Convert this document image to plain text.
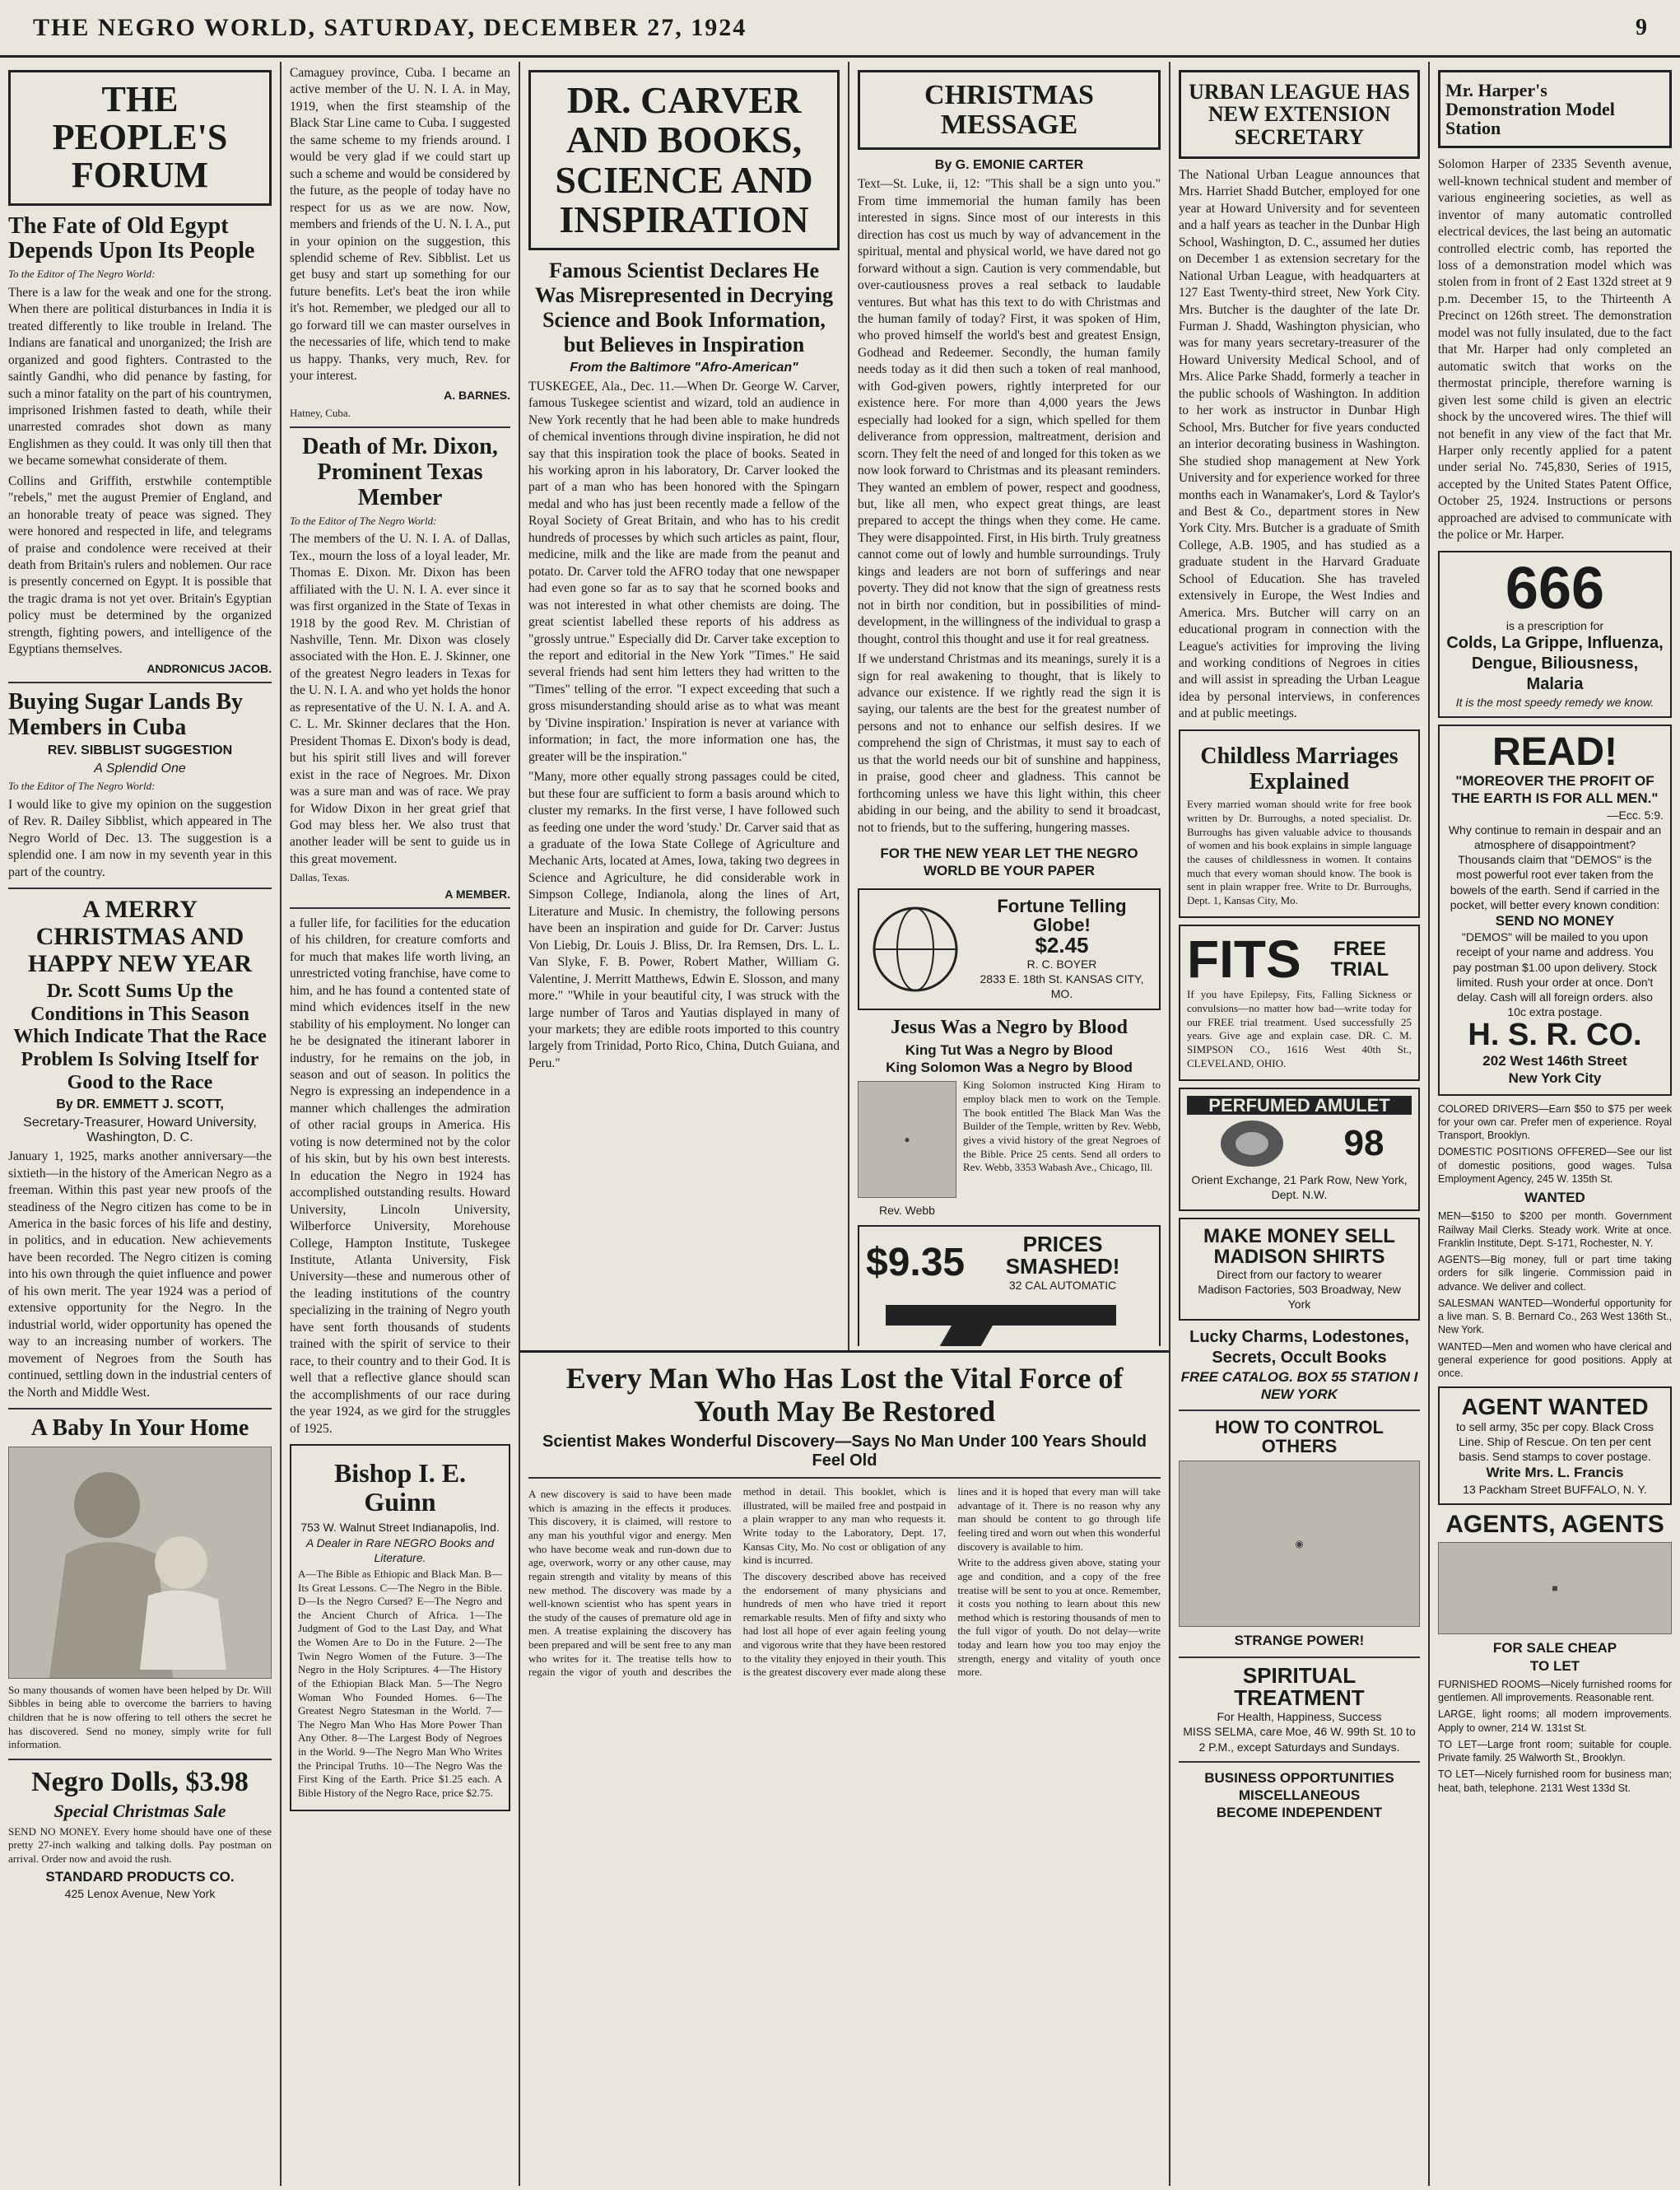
THE NEGRO WORLD, SATURDAY, DECEMBER 27, 1924	9
THE PEOPLE'S FORUM
The Fate of Old Egypt Depends Upon Its People
To the Editor of The Negro World:
There is a law for the weak and one for the strong. When there are political disturbances in India it is treated differently to like trouble in Ireland. The Indians are fanatical and unorganized; the Irish are organized and good fighters. Contrasted to the saintly Gandhi, who did penance by fasting, for such a minor fatality on the part of his countrymen, imprisoned Irishmen fasted to death, while their unarrested comrades shot down as many Englishmen as they could. It was only till then that we became somewhat considerate of them.
Collins and Griffith, erstwhile contemptible "rebels," met the august Premier of England, and an honorable treaty of peace was signed. They were honored and respected in life, and telegrams of praise and condolence were received at their death from Britain's rulers and noblemen. Our race is presently concerned on Egypt. It is possible that the tragic drama is not yet over. Britain's Egyptian policy must be determined by the organized strength, fighting powers, and intelligence of the Egyptians themselves.
ANDRONICUS JACOB.
Buying Sugar Lands By Members in Cuba
REV. SIBBLIST SUGGESTION
A Splendid One
To the Editor of The Negro World:
I would like to give my opinion on the suggestion of Rev. R. Dailey Sibblist, which appeared in The Negro World of Dec. 13. The suggestion is a splendid one. I am now in my seventh year in this part of the country.
A MERRY CHRISTMAS AND HAPPY NEW YEAR
Dr. Scott Sums Up the Conditions in This Season Which Indicate That the Race Problem Is Solving Itself for Good to the Race
By DR. EMMETT J. SCOTT,
Secretary-Treasurer, Howard University, Washington, D. C.
January 1, 1925, marks another anniversary—the sixtieth—in the history of the American Negro as a freeman. Within this past year new proofs of the steadiness of the Negro citizen has come to be in America in the basic forces of his life and destiny, in politics, and in education. New achievements have been recorded. The Negro citizen is coming into his own through the quiet influence and power of his own merit. The year 1924 was a period of extensive opportunity for the Negro. In the industrial world, wider opportunity has opened the way to an increasing number of workers. The movement of Negroes from the South has continued, settling down in the industrial centers of the North and Middle West.
A Baby In Your Home
So many thousands of women have been helped by Dr. Will Sibbles in being able to overcome the barriers to having children that he is now offering to tell others the secret he has discovered. Send no money, simply write for full information.
Negro Dolls, $3.98
Special Christmas Sale
SEND NO MONEY. Every home should have one of these pretty 27-inch walking and talking dolls. Pay postman on arrival. Order now and avoid the rush.
STANDARD PRODUCTS CO.
425 Lenox Avenue, New York
Camaguey province, Cuba. I became an active member of the U. N. I. A. in May, 1919, when the first steamship of the Black Star Line came to Cuba. I suggested the same scheme to my friends around. I would be very glad if we could start up such a scheme and would be considered by the future, as the people of today have no respect for us as we are now. Now, members and friends of the U. N. I. A., put in your opinion on the suggestion, this splendid scheme of Rev. Sibblist. Let us get busy and start up something for our future benefits. Let's beat the iron while it's hot. Remember, we pledged our all to go forward till we can master ourselves in the necessaries of life, which tend to make us happy. Thanks, very much, Rev. for your interest.
A. BARNES.
Hatney, Cuba.
Death of Mr. Dixon, Prominent Texas Member
To the Editor of The Negro World:
The members of the U. N. I. A. of Dallas, Tex., mourn the loss of a loyal leader, Mr. Thomas E. Dixon. Mr. Dixon has been affiliated with the U. N. I. A. ever since it was first organized in the State of Texas in 1918 by the good Rev. M. Christian of Nashville, Tenn. Mr. Dixon was closely associated with the Hon. E. J. Skinner, one of the greatest Negro leaders in Texas for the U. N. I. A. and who yet holds the honor as representative of the U. N. I. A. and A. C. L. Mr. Skinner declares that the Hon. President Thomas E. Dixon's body is dead, but his spirit still lives and will forever exist in the race of Negroes. Mr. Dixon was a sure man and was of race. We pray for Widow Dixon in her great grief that God may bless her. We also trust that another leader will be sent to guide us in this great movement.
Dallas, Texas.
A MEMBER.
a fuller life, for facilities for the education of his children, for creature comforts and for much that makes life worth living, an unrestricted voting franchise, have come to him, and he has found a contented state of mind which evidences itself in the new stability of his employment. No longer can he be designated the itinerant laborer in industry, for he remains on the job, in season and out of season. In politics the Negro is expressing an independence in a manner which challenges the admiration of other racial groups in America. His voting is now determined not by the color of his skin, but by his own best interests. In education the Negro in 1924 has accomplished outstanding results. Howard University, Lincoln University, Wilberforce University, Morehouse College, Hampton Institute, Tuskegee Institute, Atlanta University, Fisk University—these and numerous other of the leading institutions of the country specializing in the training of Negro youth have sent forth thousands of students trained with the spirit of service to their race, to their country and to their God. It is well that a reflective glance should scan the accomplishments of our race during the year 1924, as we gird for the struggles of 1925.
Bishop I. E. Guinn
753 W. Walnut Street Indianapolis, Ind.
A Dealer in Rare NEGRO Books and Literature.
A—The Bible as Ethiopic and Black Man. B—Its Great Lessons. C—The Negro in the Bible. D—Is the Negro Cursed? E—The Negro and the Ancient Church of Africa. 1—The Judgment of God to the Last Day, and What the Women Are to Do in the Future. 2—The Twin Negro Women of the Future. 3—The Negro in the Holy Scriptures. 4—The History of the Ethiopian Black Man. 5—The Negro Woman Who Founded Homes. 6—The Greatest Negro Statesman in the World. 7—The Negro Man Who Has More Power Than Any Other. 8—The Largest Body of Negroes in the World. 9—The Negro Man Who Writes the Principal Truths. 10—The Negro Was the First King of the Earth. Price $1.25 each. A Bible History of the Negro Race, price $2.75.
DR. CARVER AND BOOKS, SCIENCE AND INSPIRATION
Famous Scientist Declares He Was Misrepresented in Decrying Science and Book Information, but Believes in Inspiration
From the Baltimore "Afro-American"
TUSKEGEE, Ala., Dec. 11.—When Dr. George W. Carver, famous Tuskegee scientist and wizard, told an audience in New York recently that he had been able to make hundreds of chemical inventions through divine inspiration, he did not say that this inspiration took the place of books. Seated in his working apron in his laboratory, Dr. Carver looked the part of a man who has been honored with the Spingarn medal and who has just been recently made a fellow of the Royal Society of Great Britain, and who has to his credit hundreds of processes by which such articles as paint, flour, medicine, milk and the like are made from the peanut and potato. Dr. Carver told the AFRO today that one newspaper had even gone so far as to say that he scorned books and was not interested in what other chemists are doing. The great scientist labelled these reports of his address as "grossly untrue." Especially did Dr. Carver take exception to the report and editorial in the New York "Times." He said several friends had sent him letters they had written to the "Times" telling of the error. "I expect exceeding that such a gross misunderstanding should arise as to what was meant by 'Divine inspiration.' Inspiration is never at variance with information; in fact, the more information one has, the greater will be the inspiration."
"Many, more other equally strong passages could be cited, but these four are sufficient to form a basis around which to cluster my remarks. In the first verse, I have followed such as feeding one under the word 'study.' Dr. Carver said that as a graduate of the Iowa State College of Agriculture and Mechanic Arts, located at Ames, Iowa, taking two degrees in Science and Agriculture, he did considerable work in Simpson College, Indianola, along the lines of Art, Literature and Music. In chemistry, the following persons have been an inspiration and guide for Dr. Carver: Justus Von Liebig, Dr. Louis J. Bliss, Dr. Ira Remsen, Drs. L. L. Van Slyke, F. B. Power, Robert Mather, William G. Valentine, J. Merritt Matthews, Edwin E. Slosson, and many more." "While in your beautiful city, I was struck with the large number of Taros and Yautias displayed in many of your markets; they are edible roots imported to this country largely from Trinidad, Porto Rico, China, Dutch Guiana, and Peru."
CHRISTMAS MESSAGE
By G. EMONIE CARTER
Text—St. Luke, ii, 12: "This shall be a sign unto you." From time immemorial the human family has been interested in signs. Since most of our interests in this direction has cost us much by way of advancement in the spiritual, mental and physical world, we have dared not go forward without a sign. Caution is very commendable, but over-cautiousness proves a real setback to laudable ventures. But what has this text to do with Christmas and the human family of today? First, it was spoken of Him, who proved himself the world's best and greatest Ensign, Godhead and Redeemer. Secondly, the human family needs today as it did then such a token of real manhood, with God-given powers, rightly interpreted for our existence here. For more than 4,000 years the Jews especially had looked for a sign, which spelled for them deliverance from oppression, maltreatment, derision and scorn. They felt the need of and longed for this token as we now look forward to Christmas and its pleasant reminders. They wanted an emblem of power, respect and goodness, but, like all men, who expect great things, are least prepared to accept the things when they come. He came. They were disappointed. First, in His birth. Truly greatness cannot come out of lowly and humble surroundings. Truly kings and leaders are not born of sufferings and near poverty. They did not know that the sign of greatness rests not in birth nor condition, but in possibilities of mind-development, in the willingness of the individual to grasp a thought, control this thought and use it for real greatness.
If we understand Christmas and its meanings, surely it is a sign for real awakening to thought, that is likely to advance our existence. If we rightly read the sign it is saying, our talents are the best for the greatest number of persons and not to enhance our selfish desires. If we comprehend the sign of Christmas, it must say to each of us that the world needs our bit of sunshine and happiness, in praise, good cheer and gladness. This cannot be forthcoming unless we have this light within, this cheer abiding in our being, and the ability to send it broadcast, not to friends, but to the suffering, hungering masses.
FOR THE NEW YEAR LET THE NEGRO WORLD BE YOUR PAPER
Fortune Telling Globe!
$2.45
R. C. BOYER
2833 E. 18th St. KANSAS CITY, MO.
Jesus Was a Negro by Blood
King Tut Was a Negro by Blood
King Solomon Was a Negro by Blood
●
Rev. Webb
King Solomon instructed King Hiram to employ black men to work on the Temple. The book entitled The Black Man Was the Builder of the Temple, written by Rev. Webb, gives a vivid history of the great Negroes of the Bible. Price 25 cents. Send all orders to Rev. Webb, 3353 Wabash Ave., Chicago, Ill.
$9.35	PRICES SMASHED!
32 CAL AUTOMATIC
Every Man Who Has Lost the Vital Force of Youth May Be Restored
Scientist Makes Wonderful Discovery—Says No Man Under 100 Years Should Feel Old
A new discovery is said to have been made which is amazing in the effects it produces. This discovery, it is claimed, will restore to any man his youthful vigor and energy. Men who have become weak and run-down due to age, overwork, worry or any other cause, may regain strength and vitality by means of this new method. The discovery was made by a well-known scientist who has spent years in the study of the causes of premature old age in men. A treatise explaining the discovery has been prepared and will be sent free to any man who writes for it. The treatise tells how to regain the vigor of youth and describes the method in detail. This booklet, which is illustrated, will be mailed free and postpaid in a plain wrapper to any man who requests it. Write today to the Laboratory, Dept. 17, Kansas City, Mo. No cost or obligation of any kind is incurred.
The discovery described above has received the endorsement of many physicians and hundreds of men who have tried it report remarkable results. Men of fifty and sixty who had lost all hope of ever again feeling young and vigorous write that they have been restored to the vitality they enjoyed in their youth. This is the greatest discovery ever made along these lines and it is hoped that every man will take advantage of it. There is no reason why any man should be content to go through life feeling tired and worn out when this wonderful discovery is available to him.
Write to the address given above, stating your age and condition, and a copy of the free treatise will be sent to you at once. Remember, it costs you nothing to learn about this new method which is restoring thousands of men to the full vigor of youth. Do not delay—write today and learn how you too may enjoy the strength, energy and vitality of youth once more.
URBAN LEAGUE HAS NEW EXTENSION SECRETARY
The National Urban League announces that Mrs. Harriet Shadd Butcher, employed for one year at Howard University and for seventeen and a half years as teacher in the Dunbar High School, Washington, D. C., assumed her duties on December 1 as extension secretary for the National Urban League, with headquarters at 127 East Twenty-third street, New York City. Mrs. Butcher is the daughter of the late Dr. Furman J. Shadd, Washington physician, who was for many years secretary-treasurer of the Howard University Medical School, and of Mrs. Alice Parke Shadd, formerly a teacher in the public schools of Washington. In addition to her work as instructor in Dunbar High School, Mrs. Butcher for five years conducted an interior decorating business in Washington. She studied shop management at New York University and for experience worked for three months each in Wanamaker's, Lord & Taylor's and Best & Co., department stores in New York City. Mrs. Butcher is a graduate of Smith College, A.B. 1905, and has studied as a graduate student in the Harvard Graduate School of Education. She has traveled extensively in Europe, the West Indies and America. Mrs. Butcher will carry on an educational program in connection with the League's activities for improving the living and working conditions of Negroes in cities and will assist in spreading the Urban League idea by personal interviews, in conferences and at public meetings.
Childless Marriages Explained
Every married woman should write for free book written by Dr. Burroughs, a noted specialist. Dr. Burroughs has given valuable advice to thousands of women and his book explains in simple language the causes of childlessness in women. It contains much that every woman should know. The book is sent in plain wrapper free. Write to Dr. Burroughs, Dept. 1, Kansas City, Mo.
FITS	FREE TRIAL
If you have Epilepsy, Fits, Falling Sickness or convulsions—no matter how bad—write today for our FREE trial treatment. Used successfully 25 years. Give age and explain case. DR. C. M. SIMPSON CO., 1616 West 40th St., CLEVELAND, OHIO.
PERFUMED AMULET
98
Orient Exchange, 21 Park Row, New York, Dept. N.W.
MAKE MONEY SELL MADISON SHIRTS
Direct from our factory to wearer
Madison Factories, 503 Broadway, New York
Lucky Charms, Lodestones, Secrets, Occult Books
FREE CATALOG. BOX 55 STATION I NEW YORK
HOW TO CONTROL OTHERS
◉
STRANGE POWER!
SPIRITUAL TREATMENT
For Health, Happiness, Success
MISS SELMA, care Moe, 46 W. 99th St. 10 to 2 P.M., except Saturdays and Sundays.
BUSINESS OPPORTUNITIES
MISCELLANEOUS
BECOME INDEPENDENT
Mr. Harper's Demonstration Model Station
Solomon Harper of 2335 Seventh avenue, well-known technical student and member of various engineering societies, as well as inventor of many automatic controlled electrical devices, the last being an automatic controlled electric comb, has reported the loss of a demonstration model which was stolen from in front of 2 East 132d street at 9 p.m. December 15, to the Thirteenth A Precinct on 126th street. The demonstration model was not fully insulated, due to the fact that Mr. Harper had only completed an automatic switch that works on the thermostat principle, therefore warning is given lest some child is given an electric shock by the uncovered wires. The thief will not benefit in any view of the fact that Mr. Harper only recently applied for a patent under serial No. 745,830, Series of 1915, accepted by the United States Patent Office, October 25, 1924. Instructions or persons approached are advised to communicate with the police or Mr. Harper.
666
is a prescription for
Colds, La Grippe, Influenza, Dengue, Biliousness, Malaria
It is the most speedy remedy we know.
READ!
"MOREOVER THE PROFIT OF THE EARTH IS FOR ALL MEN."
—Ecc. 5:9.
Why continue to remain in despair and an atmosphere of disappointment? Thousands claim that "DEMOS" is the most powerful root ever taken from the bowels of the earth. Send if carried in the pocket, will better every known condition:
SEND NO MONEY
"DEMOS" will be mailed to you upon receipt of your name and address. You pay postman $1.00 upon delivery. Stock limited. Rush your order at once. Don't delay. Cash will all foreign orders. also 10c extra postage.
H. S. R. CO.
202 West 146th Street
New York City
COLORED DRIVERS—Earn $50 to $75 per week for your own car. Prefer men of experience. Royal Transport, Brooklyn.
DOMESTIC POSITIONS OFFERED—See our list of domestic positions, good wages. Tulsa Employment Agency, 245 W. 135th St.
WANTED
MEN—$150 to $200 per month. Government Railway Mail Clerks. Steady work. Write at once. Franklin Institute, Dept. S-171, Rochester, N. Y.
AGENTS—Big money, full or part time taking orders for silk lingerie. Commission paid in advance. We deliver and collect.
SALESMAN WANTED—Wonderful opportunity for a live man. S. B. Bernard Co., 263 West 136th St., New York.
WANTED—Men and women who have clerical and general experience for good positions. Apply at once.
AGENT WANTED
to sell army, 35c per copy. Black Cross Line. Ship of Rescue. On ten per cent basis. Send stamps to cover postage.
Write Mrs. L. Francis
13 Packham Street BUFFALO, N. Y.
AGENTS, AGENTS
■
FOR SALE CHEAP
TO LET
FURNISHED ROOMS—Nicely furnished rooms for gentlemen. All improvements. Reasonable rent.
LARGE, light rooms; all modern improvements. Apply to owner, 214 W. 131st St.
TO LET—Large front room; suitable for couple. Private family. 25 Walworth St., Brooklyn.
TO LET—Nicely furnished room for business man; heat, bath, telephone. 2131 West 133d St.
